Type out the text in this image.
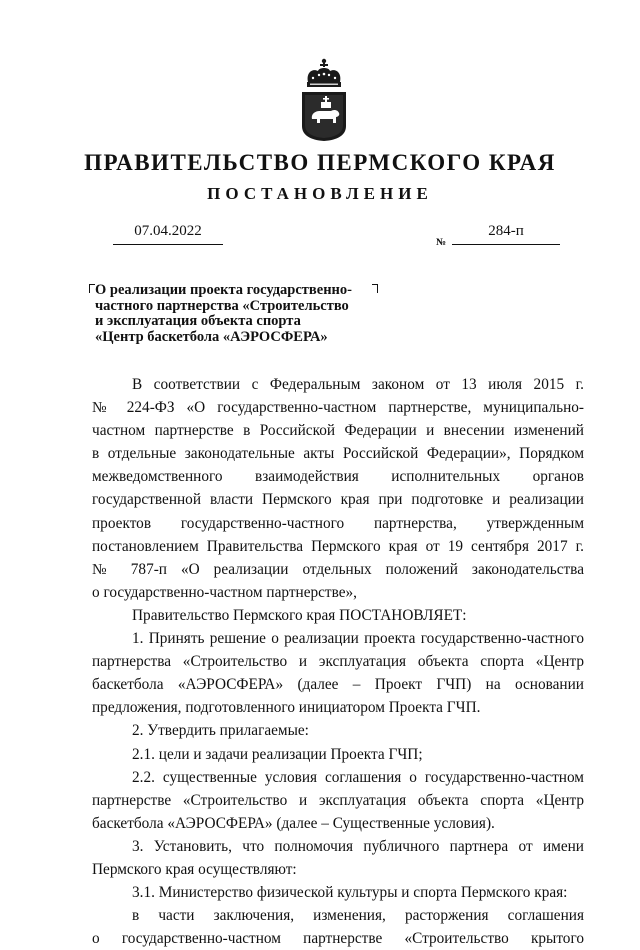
ПРАВИТЕЛЬСТВО ПЕРМСКОГО КРАЯ
ПОСТАНОВЛЕНИЕ
07.04.2022
№
284-п

О реализации проекта государственно-

частного партнерства «Строительство

и эксплуатация объекта спорта

«Центр баскетбола «АЭРОСФЕРА»

В соответствии с Федеральным законом от 13 июля 2015 г.

№ 224-ФЗ «О государственно-частном партнерстве, муниципально-

частном партнерстве в Российской Федерации и внесении изменений

в отдельные законодательные акты Российской Федерации», Порядком

межведомственного взаимодействия исполнительных органов

государственной власти Пермского края при подготовке и реализации

проектов государственно-частного партнерства, утвержденным

постановлением Правительства Пермского края от 19 сентября 2017 г.

№ 787-п «О реализации отдельных положений законодательства

о государственно-частном партнерстве»,

Правительство Пермского края ПОСТАНОВЛЯЕТ:

1. Принять решение о реализации проекта государственно-частного

партнерства «Строительство и эксплуатация объекта спорта «Центр

баскетбола «АЭРОСФЕРА» (далее – Проект ГЧП) на основании

предложения, подготовленного инициатором Проекта ГЧП.

2. Утвердить прилагаемые:

2.1. цели и задачи реализации Проекта ГЧП;

2.2. существенные условия соглашения о государственно-частном

партнерстве «Строительство и эксплуатация объекта спорта «Центр

баскетбола «АЭРОСФЕРА» (далее – Существенные условия).

3. Установить, что полномочия публичного партнера от имени

Пермского края осуществляют:

3.1. Министерство физической культуры и спорта Пермского края:

в части заключения, изменения, расторжения соглашения

о государственно-частном партнерстве «Строительство крытого
